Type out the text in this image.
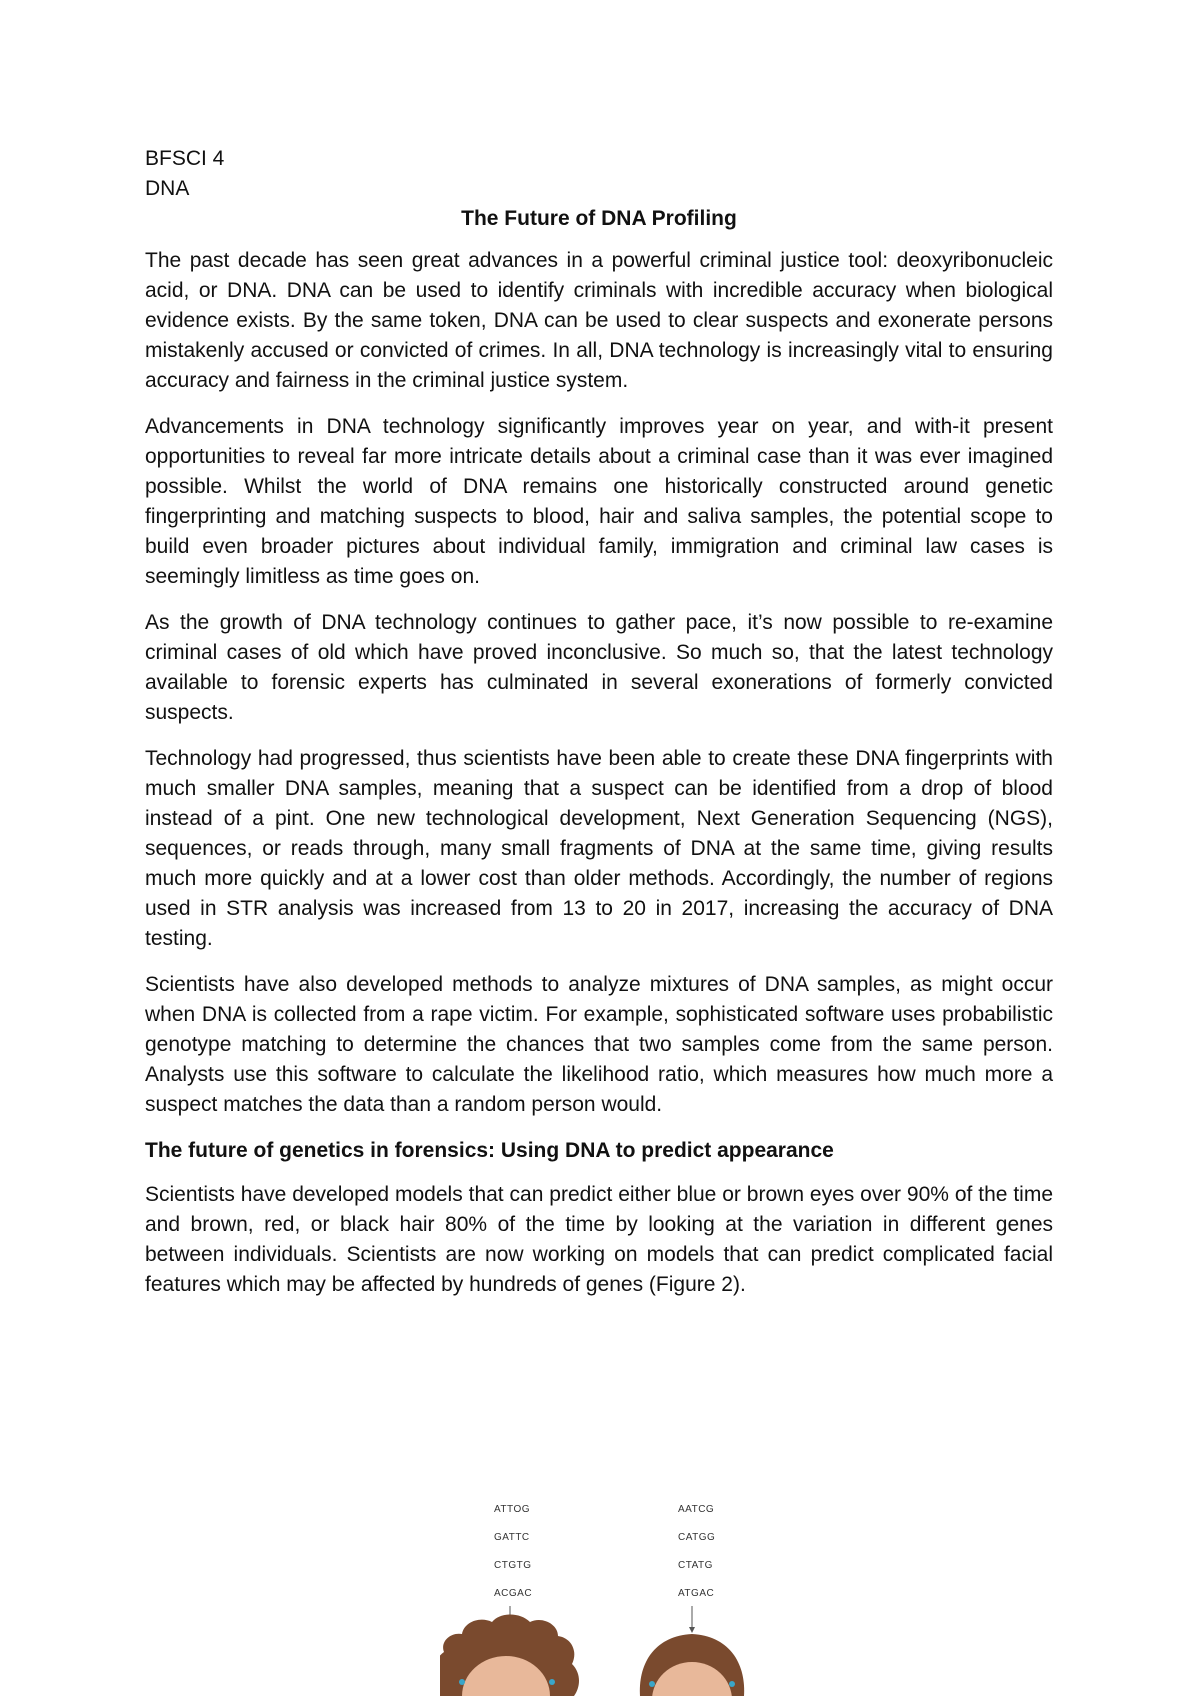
BFSCI 4
DNA
The Future of DNA Profiling

The past decade has seen great advances in a powerful criminal justice tool: deoxyribonucleic acid, or DNA. DNA can be used to identify criminals with incredible accuracy when biological evidence exists. By the same token, DNA can be used to clear suspects and exonerate persons mistakenly accused or convicted of crimes. In all, DNA technology is increasingly vital to ensuring accuracy and fairness in the criminal justice system.

Advancements in DNA technology significantly improves year on year, and with-it present opportunities to reveal far more intricate details about a criminal case than it was ever imagined possible. Whilst the world of DNA remains one historically constructed around genetic fingerprinting and matching suspects to blood, hair and saliva samples, the potential scope to build even broader pictures about individual family, immigration and criminal law cases is seemingly limitless as time goes on.

As the growth of DNA technology continues to gather pace, it’s now possible to re-examine criminal cases of old which have proved inconclusive. So much so, that the latest technology available to forensic experts has culminated in several exonerations of formerly convicted suspects.

Technology had progressed, thus scientists have been able to create these DNA fingerprints with much smaller DNA samples, meaning that a suspect can be identified from a drop of blood instead of a pint. One new technological development, Next Generation Sequencing (NGS), sequences, or reads through, many small fragments of DNA at the same time, giving results much more quickly and at a lower cost than older methods. Accordingly, the number of regions used in STR analysis was increased from 13 to 20 in 2017, increasing the accuracy of DNA testing.

Scientists have also developed methods to analyze mixtures of DNA samples, as might occur when DNA is collected from a rape victim. For example, sophisticated software uses probabilistic genotype matching to determine the chances that two samples come from the same person. Analysts use this software to calculate the likelihood ratio, which measures how much more a suspect matches the data than a random person would.

The future of genetics in forensics: Using DNA to predict appearance

Scientists have developed models that can predict either blue or brown eyes over 90% of the time and brown, red, or black hair 80% of the time by looking at the variation in different genes between individuals. Scientists are now working on models that can predict complicated facial features which may be affected by hundreds of genes (Figure 2).

ATTOG
GATTC
CTGTG
ACGAC
AATCG
CATGG
CTATG
ATGAC
